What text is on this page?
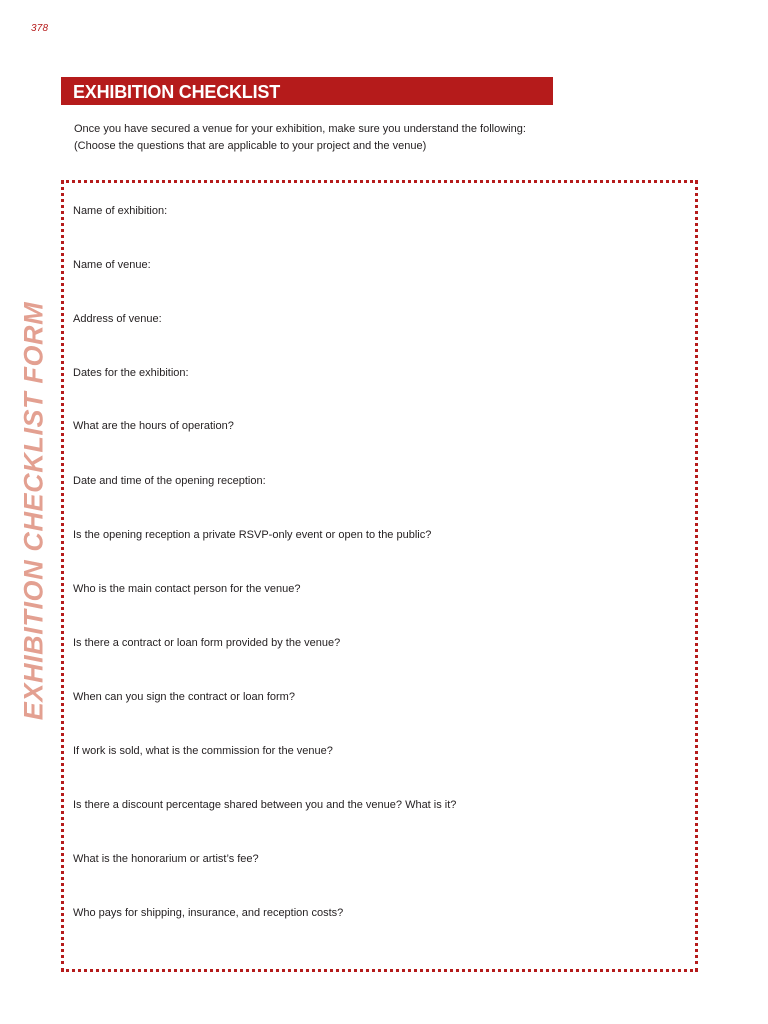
378
EXHIBITION CHECKLIST
Once you have secured a venue for your exhibition, make sure you understand the following:
(Choose the questions that are applicable to your project and the venue)
EXHIBITION CHECKLIST FORM
Name of exhibition:
Name of venue:
Address of venue:
Dates for the exhibition:
What are the hours of operation?
Date and time of the opening reception:
Is the opening reception a private RSVP-only event or open to the public?
Who is the main contact person for the venue?
Is there a contract or loan form provided by the venue?
When can you sign the contract or loan form?
If work is sold, what is the commission for the venue?
Is there a discount percentage shared between you and the venue? What is it?
What is the honorarium or artist’s fee?
Who pays for shipping, insurance, and reception costs?
